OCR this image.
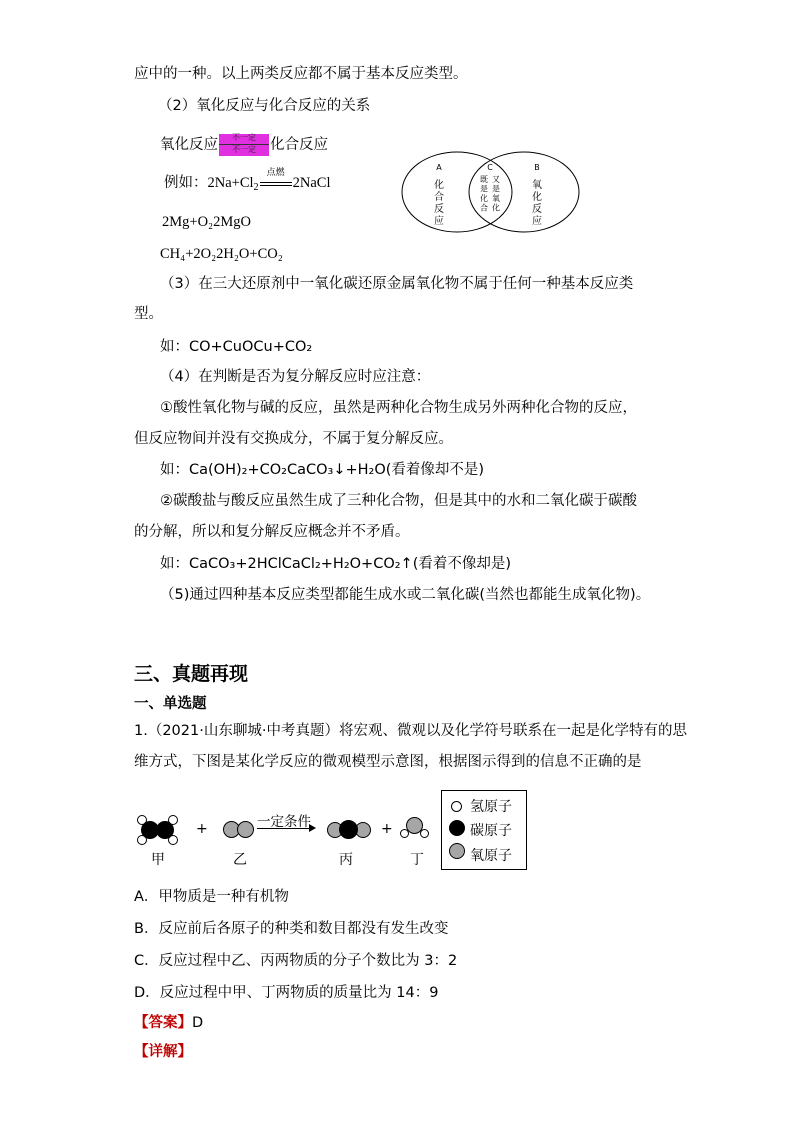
应中的一种。以上两类反应都不属于基本反应类型。
（2）氧化反应与化合反应的关系
氧化反应	不一定
不一定 化合反应
例如：$2Na+Cl_2$
点燃
2NaCl
2Mg+O₂2MgO
CH₄+2O₂2H₂O+CO₂
A	C	B
化
合
反
应
氧
化
反
应
既
是
化
合
又
是
氧
化
（3）在三大还原剂中一氧化碳还原金属氧化物不属于任何一种基本反应类
型。
如：CO+CuOCu+CO₂
（4）在判断是否为复分解反应时应注意：
①酸性氧化物与碱的反应，虽然是两种化合物生成另外两种化合物的反应，
但反应物间并没有交换成分，不属于复分解反应。
如：Ca(OH)₂+CO₂CaCO₃↓+H₂O(看着像却不是)
②碳酸盐与酸反应虽然生成了三种化合物，但是其中的水和二氧化碳于碳酸
的分解，所以和复分解反应概念并不矛盾。
如：CaCO₃+2HClCaCl₂+H₂O+CO₂↑(看着不像却是)
（5)通过四种基本反应类型都能生成水或二氧化碳(当然也都能生成氧化物)。
三、真题再现
一、单选题
1.（2021·山东聊城·中考真题）将宏观、微观以及化学符号联系在一起是化学特有的思
维方式，下图是某化学反应的微观模型示意图，根据图示得到的信息不正确的是
甲
+
乙
一定条件
丙
+
丁
氢原子
碳原子
氧原子
A．甲物质是一种有机物
B．反应前后各原子的种类和数目都没有发生改变
C．反应过程中乙、丙两物质的分子个数比为 3：2
D．反应过程中甲、丁两物质的质量比为 14：9
【答案】D
【详解】
